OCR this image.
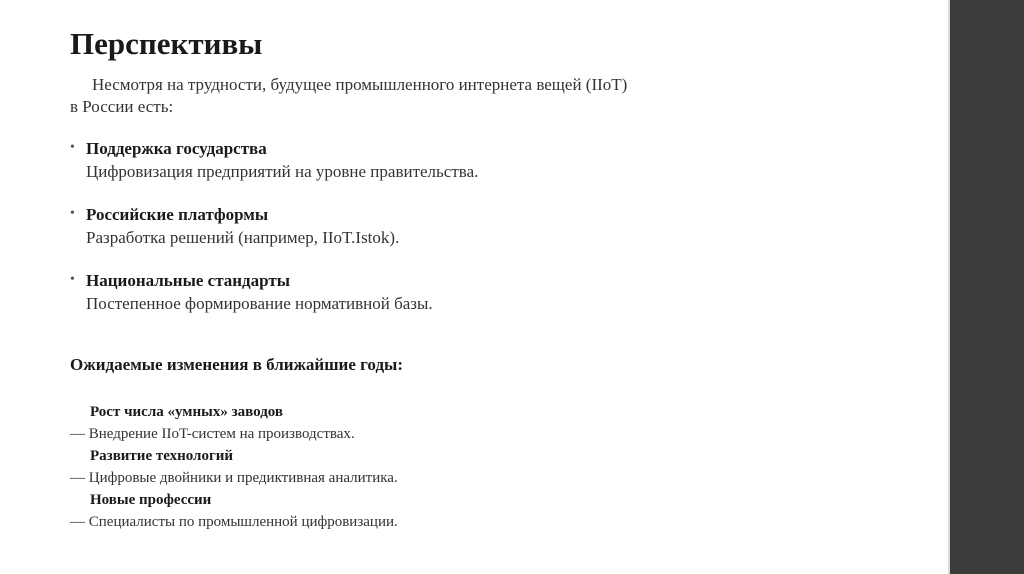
Перспективы
Несмотря на трудности, будущее промышленного интернета вещей (IIoT)
в России есть:
• Поддержка государства
Цифровизация предприятий на уровне правительства.
• Российские платформы
Разработка решений (например, IIoT.Istok).
• Национальные стандарты
Постепенное формирование нормативной базы.
Ожидаемые изменения в ближайшие годы:
Рост числа «умных» заводов
— Внедрение IIoT-систем на производствах.
Развитие технологий
— Цифровые двойники и предиктивная аналитика.
Новые профессии
— Специалисты по промышленной цифровизации.
